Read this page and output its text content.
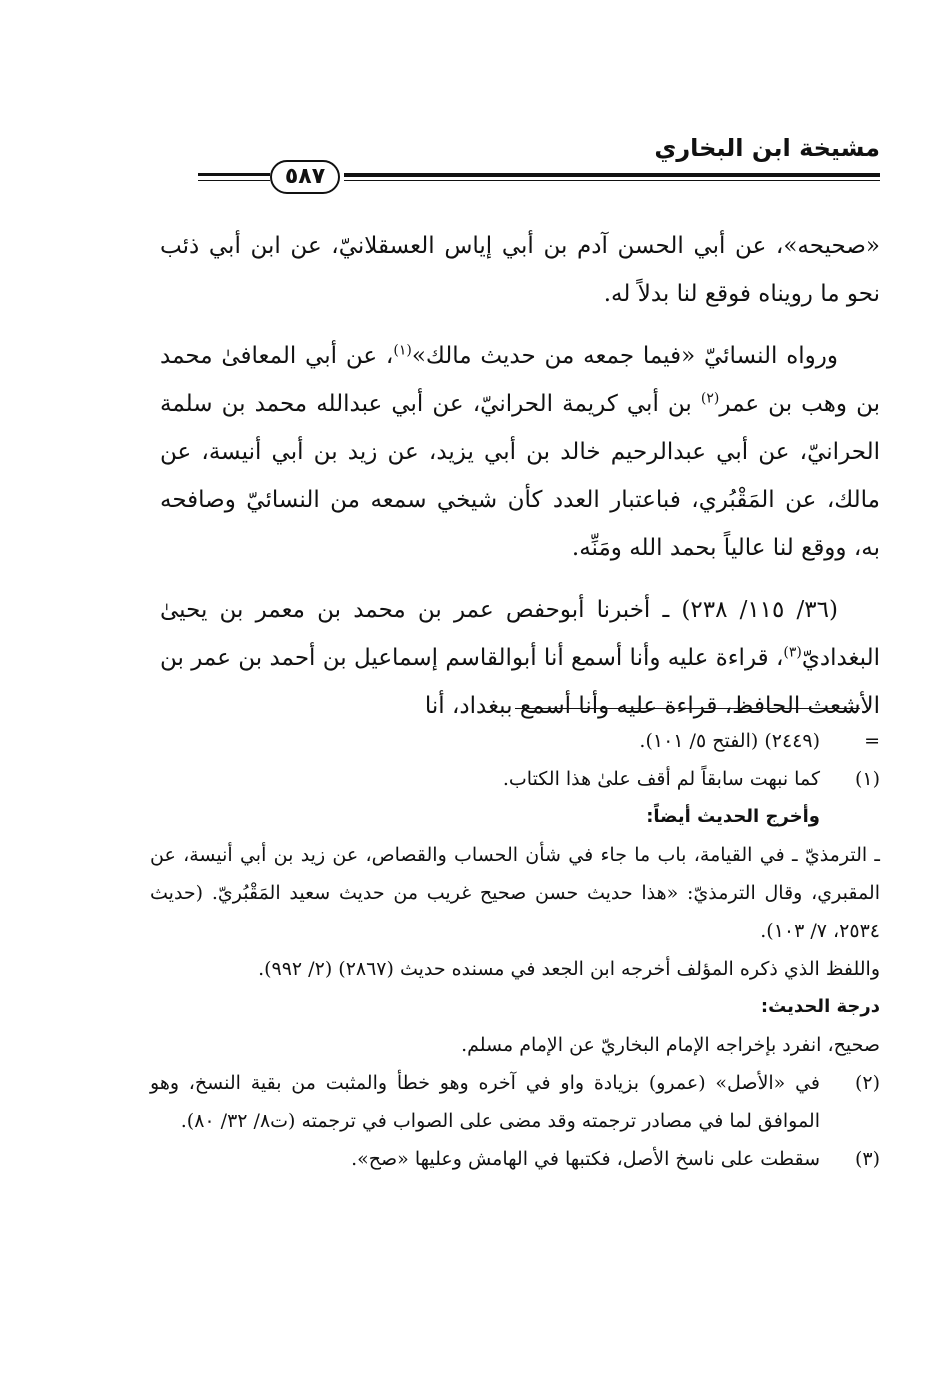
مشيخة ابن البخاري
٥٨٧

«صحيحه»، عن أبي الحسن آدم بن أبي إياس العسقلانيّ، عن ابن أبي ذئب نحو ما رويناه فوقع لنا بدلاً له.

ورواه النسائيّ «فيما جمعه من حديث مالك»$^{(١)}$، عن أبي المعافىٰ محمد بن وهب بن عمر$^{(٢)}$ بن أبي كريمة الحرانيّ، عن أبي عبدالله محمد بن سلمة الحرانيّ، عن أبي عبدالرحيم خالد بن أبي يزيد، عن زيد بن أبي أنيسة، عن مالك، عن المَقْبُري، فباعتبار العدد كأن شيخي سمعه من النسائيّ وصافحه به، ووقع لنا عالياً بحمد الله ومَنِّه.

(٣٦/ ١١٥/ ٢٣٨) ـ أخبرنا أبوحفص عمر بن محمد بن معمر بن يحيىٰ البغداديّ$^{(٣)}$، قراءة عليه وأنا أسمع أنا أبوالقاسم إسماعيل بن أحمد بن عمر بن الأشعث الحافظ، قراءة عليه وأنا أسمع ببغداد، أنا

=
(٢٤٤٩) (الفتح ٥/ ١٠١).
(١)
كما نبهت سابقاً لم أقف علىٰ هذا الكتاب.
وأخرج الحديث أيضاً:
ـ الترمذيّ ـ في القيامة، باب ما جاء في شأن الحساب والقصاص، عن زيد بن أبي أنيسة، عن المقبري، وقال الترمذيّ: «هذا حديث حسن صحيح غريب من حديث سعيد المَقْبُريّ. (حديث ٢٥٣٤، ٧/ ١٠٣).
واللفظ الذي ذكره المؤلف أخرجه ابن الجعد في مسنده حديث (٢٨٦٧) (٢/ ٩٩٢).
درجة الحديث:
صحيح، انفرد بإخراجه الإمام البخاريّ عن الإمام مسلم.
(٢)
في «الأصل» (عمرو) بزيادة واو في آخره وهو خطأ والمثبت من بقية النسخ، وهو الموافق لما في مصادر ترجمته وقد مضى على الصواب في ترجمته (ت٨/ ٣٢/ ٨٠).
(٣)
سقطت على ناسخ الأصل، فكتبها في الهامش وعليها «صح».
